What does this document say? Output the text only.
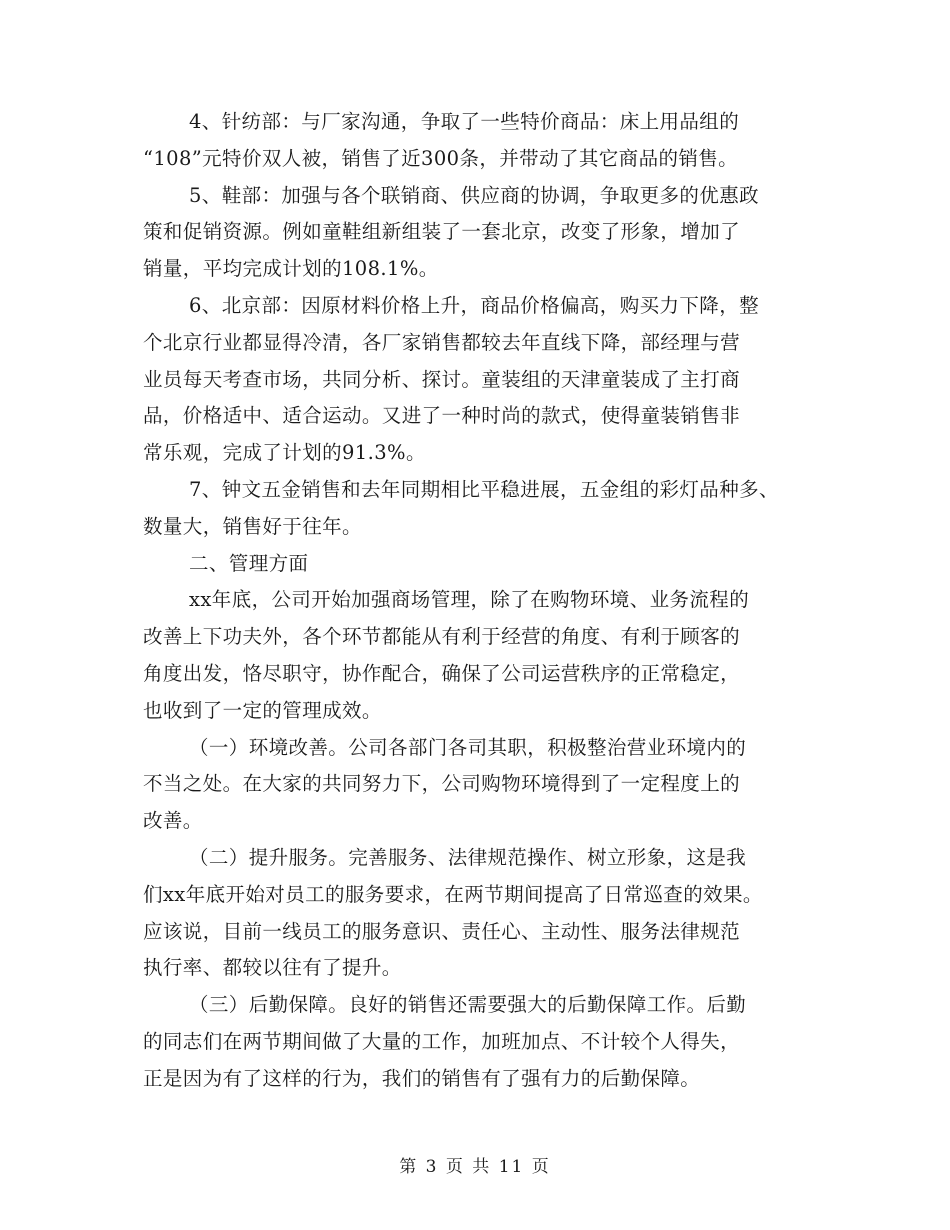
4、针纺部：与厂家沟通，争取了一些特价商品：床上用品组的
“108”元特价双人被，销售了近300条，并带动了其它商品的销售。
5、鞋部：加强与各个联销商、供应商的协调，争取更多的优惠政
策和促销资源。例如童鞋组新组装了一套北京，改变了形象，增加了
销量，平均完成计划的108.1%。
6、北京部：因原材料价格上升，商品价格偏高，购买力下降，整
个北京行业都显得冷清，各厂家销售都较去年直线下降，部经理与营
业员每天考查市场，共同分析、探讨。童装组的天津童装成了主打商
品，价格适中、适合运动。又进了一种时尚的款式，使得童装销售非
常乐观，完成了计划的91.3%。
7、钟文五金销售和去年同期相比平稳进展，五金组的彩灯品种多、
数量大，销售好于往年。
二、管理方面
xx年底，公司开始加强商场管理，除了在购物环境、业务流程的
改善上下功夫外，各个环节都能从有利于经营的角度、有利于顾客的
角度出发，恪尽职守，协作配合，确保了公司运营秩序的正常稳定，
也收到了一定的管理成效。
（一）环境改善。公司各部门各司其职，积极整治营业环境内的
不当之处。在大家的共同努力下，公司购物环境得到了一定程度上的
改善。
（二）提升服务。完善服务、法律规范操作、树立形象，这是我
们xx年底开始对员工的服务要求，在两节期间提高了日常巡查的效果。
应该说，目前一线员工的服务意识、责任心、主动性、服务法律规范
执行率、都较以往有了提升。
（三）后勤保障。良好的销售还需要强大的后勤保障工作。后勤
的同志们在两节期间做了大量的工作，加班加点、不计较个人得失，
正是因为有了这样的行为，我们的销售有了强有力的后勤保障。
第 3 页 共 11 页
